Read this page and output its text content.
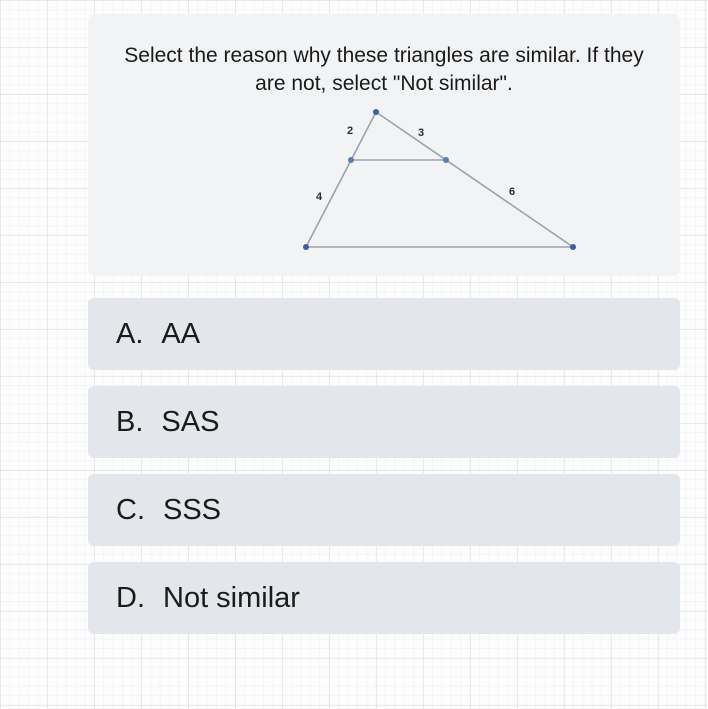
Select the reason why these triangles are similar. If they are not, select "Not similar".
2	3
4	6
A. AA
B. SAS
C. SSS
D. Not similar
